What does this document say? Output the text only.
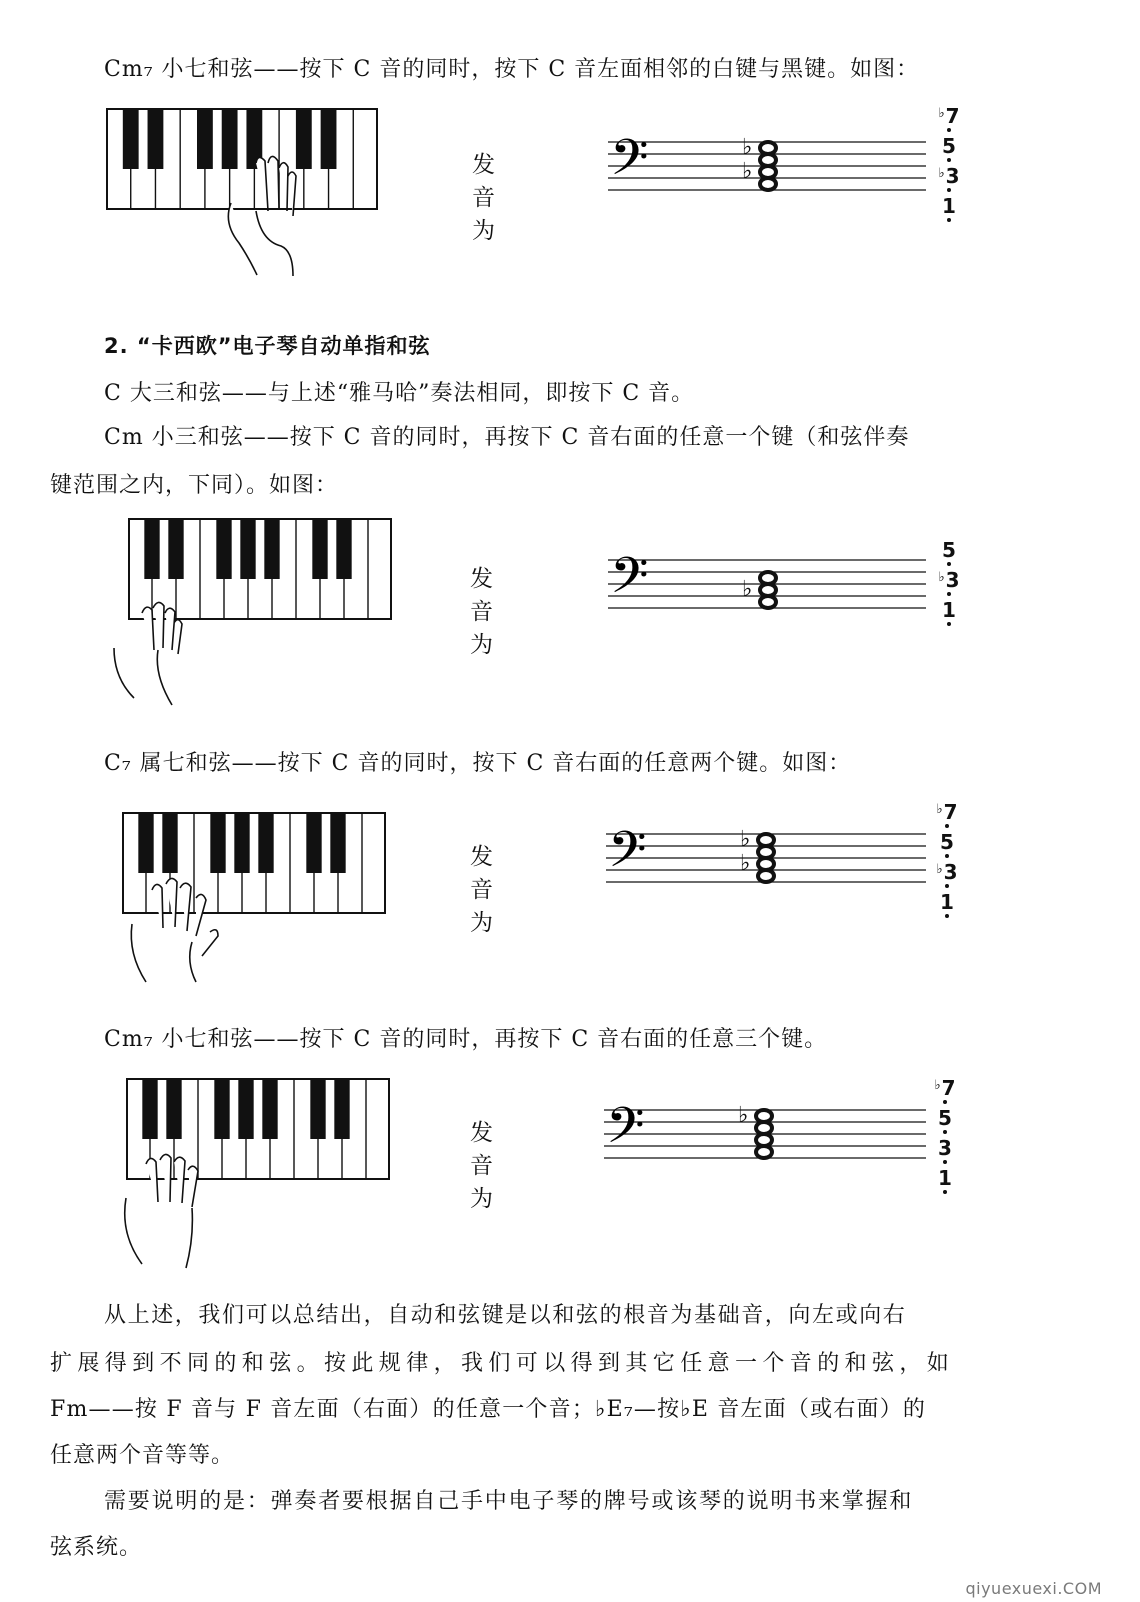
Cm₇ 小七和弦——按下 C 音的同时，按下 C 音左面相邻的白键与黑键。如图：
发音为
𝄢	♭
♭
♭7
5
♭3
1
2. “卡西欧”电子琴自动单指和弦
C 大三和弦——与上述“雅马哈”奏法相同，即按下 C 音。
Cm 小三和弦——按下 C 音的同时，再按下 C 音右面的任意一个键（和弦伴奏
键范围之内，下同）。如图：
发音为
𝄢	♭
5
♭3
1
C₇ 属七和弦——按下 C 音的同时，按下 C 音右面的任意两个键。如图：
发音为
𝄢	♭
♭
♭7
5
♭3
1
Cm₇ 小七和弦——按下 C 音的同时，再按下 C 音右面的任意三个键。
发音为
𝄢	♭
♭7
5
3
1
从上述，我们可以总结出，自动和弦键是以和弦的根音为基础音，向左或向右
扩展得到不同的和弦。按此规律，我们可以得到其它任意一个音的和弦，如
Fm——按 F 音与 F 音左面（右面）的任意一个音；♭E₇—按♭E 音左面（或右面）的
任意两个音等等。
需要说明的是：弹奏者要根据自己手中电子琴的牌号或该琴的说明书来掌握和
弦系统。
qiyuexuexi.COM
